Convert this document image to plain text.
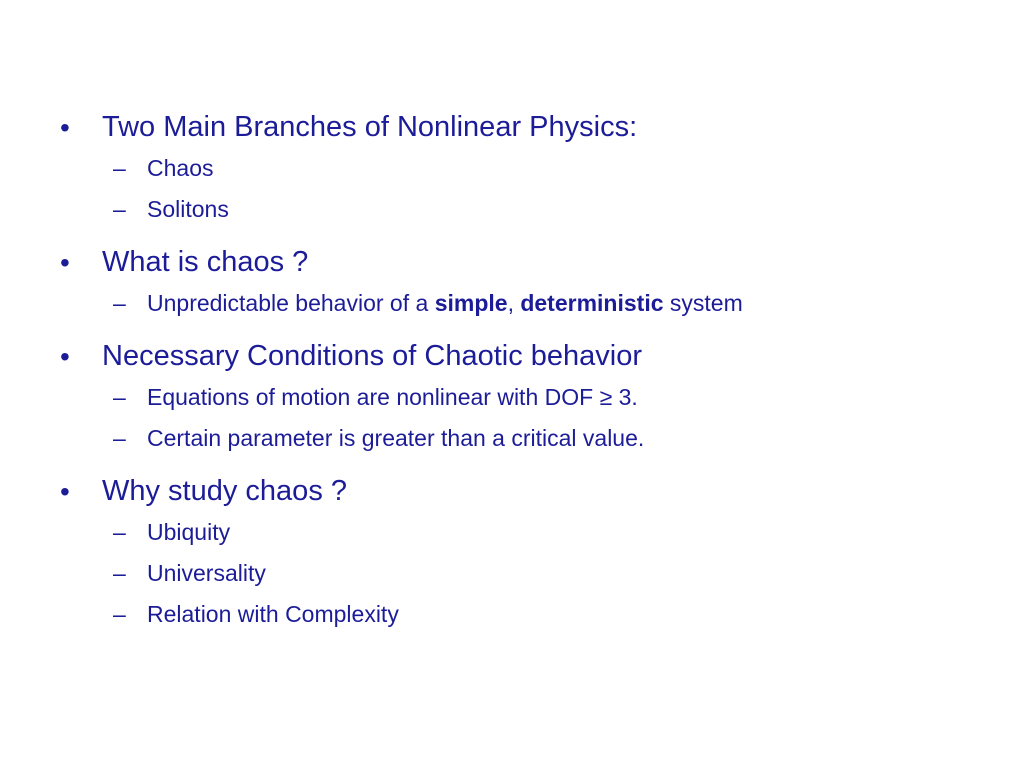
• Two Main Branches of Nonlinear Physics:
– Chaos
– Solitons
• What is chaos ?
– Unpredictable behavior of a simple, deterministic system
• Necessary Conditions of Chaotic behavior
– Equations of motion are nonlinear with DOF ≥ 3.
– Certain parameter is greater than a critical value.
• Why study chaos ?
– Ubiquity
– Universality
– Relation with Complexity
